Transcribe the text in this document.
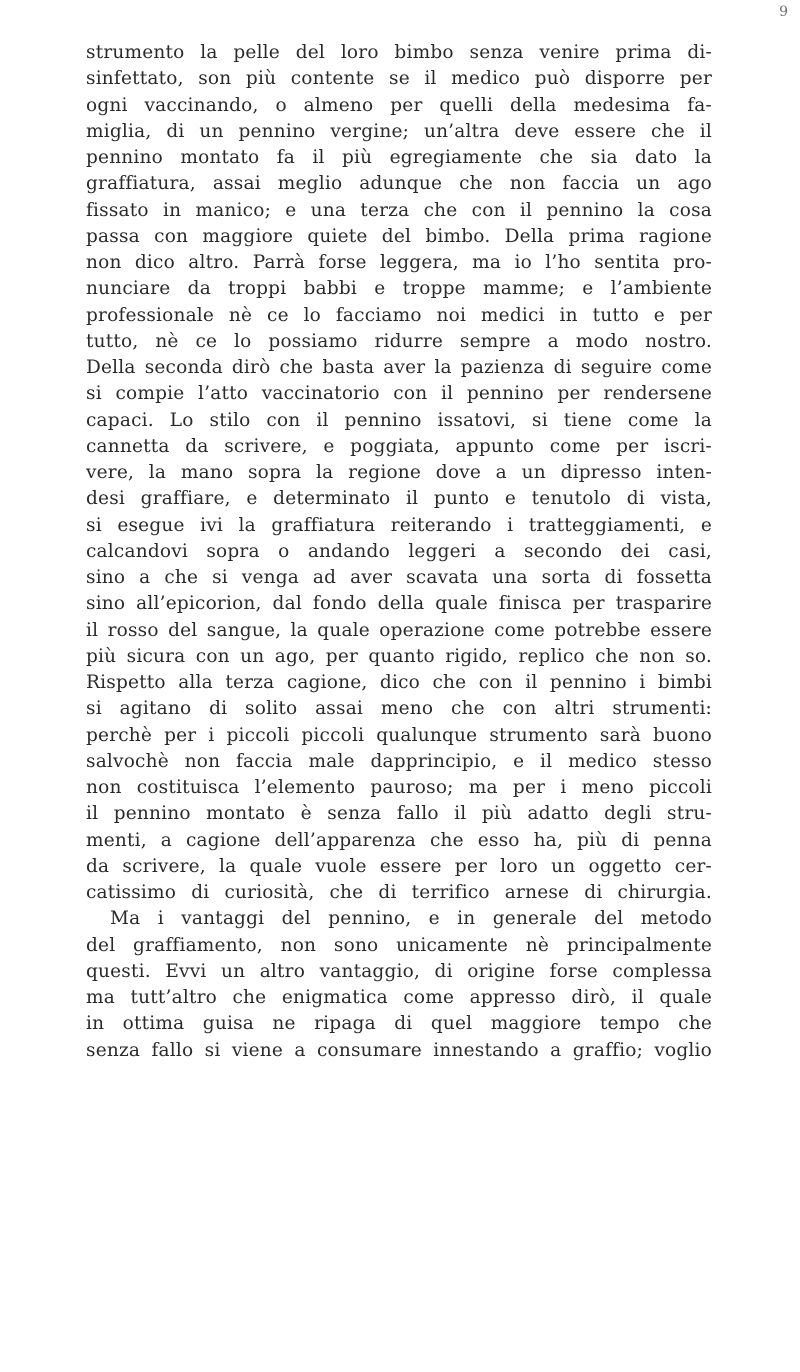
9
strumento la pelle del loro bimbo senza venire prima di-
sinfettato, son più contente se il medico può disporre per
ogni vaccinando, o almeno per quelli della medesima fa-
miglia, di un pennino vergine; un’altra deve essere che il
pennino montato fa il più egregiamente che sia dato la
graffiatura, assai meglio adunque che non faccia un ago
fissato in manico; e una terza che con il pennino la cosa
passa con maggiore quiete del bimbo. Della prima ragione
non dico altro. Parrà forse leggera, ma io l’ho sentita pro-
nunciare da troppi babbi e troppe mamme; e l’ambiente
professionale nè ce lo facciamo noi medici in tutto e per
tutto, nè ce lo possiamo ridurre sempre a modo nostro.
Della seconda dirò che basta aver la pazienza di seguire come
si compie l’atto vaccinatorio con il pennino per rendersene
capaci. Lo stilo con il pennino issatovi, si tiene come la
cannetta da scrivere, e poggiata, appunto come per iscri-
vere, la mano sopra la regione dove a un dipresso inten-
desi graffiare, e determinato il punto e tenutolo di vista,
si esegue ivi la graffiatura reiterando i tratteggiamenti, e
calcandovi sopra o andando leggeri a secondo dei casi,
sino a che si venga ad aver scavata una sorta di fossetta
sino all’epicorion, dal fondo della quale finisca per trasparire
il rosso del sangue, la quale operazione come potrebbe essere
più sicura con un ago, per quanto rigido, replico che non so.
Rispetto alla terza cagione, dico che con il pennino i bimbi
si agitano di solito assai meno che con altri strumenti:
perchè per i piccoli piccoli qualunque strumento sarà buono
salvochè non faccia male dapprincipio, e il medico stesso
non costituisca l’elemento pauroso; ma per i meno piccoli
il pennino montato è senza fallo il più adatto degli stru-
menti, a cagione dell’apparenza che esso ha, più di penna
da scrivere, la quale vuole essere per loro un oggetto cer-
catissimo di curiosità, che di terrifico arnese di chirurgia.
Ma i vantaggi del pennino, e in generale del metodo
del graffiamento, non sono unicamente nè principalmente
questi. Evvi un altro vantaggio, di origine forse complessa
ma tutt’altro che enigmatica come appresso dirò, il quale
in ottima guisa ne ripaga di quel maggiore tempo che
senza fallo si viene a consumare innestando a graffio; voglio
